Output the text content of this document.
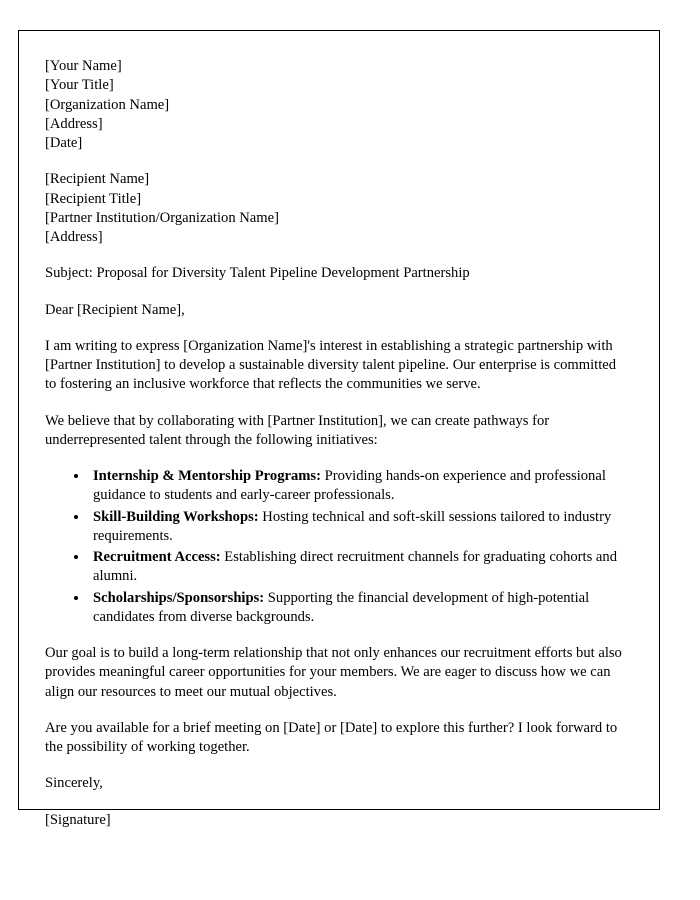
[Your Name]
[Your Title]
[Organization Name]
[Address]
[Date]
[Recipient Name]
[Recipient Title]
[Partner Institution/Organization Name]
[Address]
Subject: Proposal for Diversity Talent Pipeline Development Partnership
Dear [Recipient Name],
I am writing to express [Organization Name]'s interest in establishing a strategic partnership with [Partner Institution] to develop a sustainable diversity talent pipeline. Our enterprise is committed to fostering an inclusive workforce that reflects the communities we serve.
We believe that by collaborating with [Partner Institution], we can create pathways for underrepresented talent through the following initiatives:
• Internship & Mentorship Programs: Providing hands-on experience and professional guidance to students and early-career professionals.
• Skill-Building Workshops: Hosting technical and soft-skill sessions tailored to industry requirements.
• Recruitment Access: Establishing direct recruitment channels for graduating cohorts and alumni.
• Scholarships/Sponsorships: Supporting the financial development of high-potential candidates from diverse backgrounds.
Our goal is to build a long-term relationship that not only enhances our recruitment efforts but also provides meaningful career opportunities for your members. We are eager to discuss how we can align our resources to meet our mutual objectives.
Are you available for a brief meeting on [Date] or [Date] to explore this further? I look forward to the possibility of working together.
Sincerely,
[Signature]
